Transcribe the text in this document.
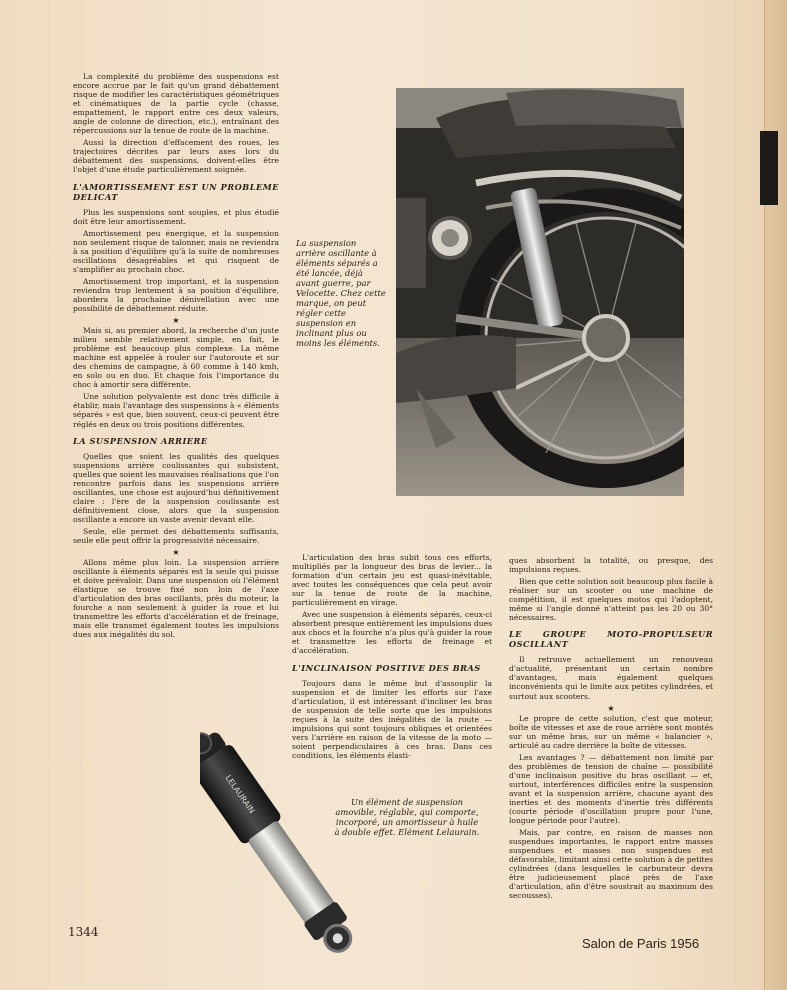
La complexité du problème des suspensions est encore accrue par le fait qu'un grand débattement risque de modifier les caractéristiques géométriques et cinématiques de la partie cycle (chasse, empattement, le rapport entre ces deux valeurs, angle de colonne de direction, etc.), entraînant des répercussions sur la tenue de route de la machine.

Aussi la direction d'effacement des roues, les trajectoires décrites par leurs axes lors du débattement des suspensions, doivent-elles être l'objet d'une étude particulièrement soignée.

L'AMORTISSEMENT EST UN PROBLEME DELICAT

Plus les suspensions sont souples, et plus étudié doit être leur amortissement.

Amortissement peu énergique, et la suspension non seulement risque de talonner, mais ne reviendra à sa position d'équilibre qu'à la suite de nombreuses oscillations désagréables et qui risquent de s'amplifier au prochain choc.

Amortissement trop important, et la suspension reviendra trop lentement à sa position d'équilibre, abordera la prochaine dénivellation avec une possibilité de débattement réduite.

★

Mais si, au premier abord, la recherche d'un juste milieu semble relativement simple, en fait, le problème est beaucoup plus complexe. La même machine est appelée à rouler sur l'autoroute et sur des chemins de campagne, à 60 comme à 140 kmh, en solo ou en duo. Et chaque fois l'importance du choc à amortir sera différente.

Une solution polyvalente est donc très difficile à établir, mais l'avantage des suspensions à « éléments séparés » est que, bien souvent, ceux-ci peuvent être réglés en deux ou trois positions différentes.

LA SUSPENSION ARRIERE

Quelles que soient les qualités des quelques suspensions arrière coulissantes qui subsistent, quelles que soient les mauvaises réalisations que l'on rencontre parfois dans les suspensions arrière oscillantes, une chose est aujourd'hui définitivement claire : l'ère de la suspension coulissante est définitivement close, alors que la suspension oscillante a encore un vaste avenir devant elle.

Seule, elle permet des débattements suffisants, seule elle peut offrir la progressivité nécessaire.

★

Allons même plus loin. La suspension arrière oscillante à éléments séparés est la seule qui puisse et doive prévaloir. Dans une suspension où l'élément élastique se trouve fixé non loin de l'axe d'articulation des bras oscillants, près du moteur, la fourche a non seulement à guider la roue et lui transmettre les efforts d'accélération et de freinage, mais elle transmet également toutes les impulsions dues aux inégalités du sol.

La suspension arrière oscillante à éléments séparés a été lancée, déjà avant guerre, par Velocette. Chez cette marque, on peut régler cette suspension en inclinant plus ou moins les éléments.

L'articulation des bras subit tous ces efforts, multipliés par la longueur des bras de levier... la formation d'un certain jeu est quasi-inévitable, avec toutes les conséquences que cela peut avoir sur la tenue de route de la machine, particulièrement en virage.

Avec une suspension à éléments séparés, ceux-ci absorbent presque entièrement les impulsions dues aux chocs et la fourche n'a plus qu'à guider la roue et transmettre les efforts de freinage et d'accélération.

L'INCLINAISON POSITIVE DES BRAS

Toujours dans le même but d'assouplir la suspension et de limiter les efforts sur l'axe d'articulation, il est intéressant d'incliner les bras de suspension de telle sorte que les impulsions reçues à la suite des inégalités de la route — impulsions qui sont toujours obliques et orientées vers l'arrière en raison de la vitesse de la moto — soient perpendiculaires à ces bras. Dans ces conditions, les éléments élasti-

LELAURAIN	Un élément de suspension amovible, réglable, qui comporte, incorporé, un amortisseur à huile à double effet. Elément Lelaurain.

ques absorbent la totalité, ou presque, des impulsions reçues.

Bien que cette solution soit beaucoup plus facile à réaliser sur un scooter ou une machine de compétition, il est quelques motos qui l'adoptent, même si l'angle donné n'atteint pas les 20 ou 30° nécessaires.

LE GROUPE MOTO-PROPULSEUR OSCILLANT

Il retrouve actuellement un renouveau d'actualité, présentant un certain nombre d'avantages, mais également quelques inconvénients qui le limite aux petites cylindrées, et surtout aux scooters.

★

Le propre de cette solution, c'est que moteur, boîte de vitesses et axe de roue arrière sont montés sur un même bras, sur un même « balancier », articulé au cadre derrière la boîte de vitesses.

Les avantages ? — débattement non limité par des problèmes de tension de chaîne — possibilité d'une inclinaison positive du bras oscillant — et, surtout, interférences difficiles entre la suspension avant et la suspension arrière, chacune ayant des inerties et des moments d'inertie très différents (courte période d'oscillation propre pour l'une, longue période pour l'autre).

Mais, par contre, en raison de masses non suspendues importantes, le rapport entre masses suspendues et masses non suspendues est défavorable, limitant ainsi cette solution à de petites cylindrées (dans lesquelles le carburateur devra être judicieusement placé près de l'axe d'articulation, afin d'être soustrait au maximum des secousses).

1344
Salon de Paris 1956
